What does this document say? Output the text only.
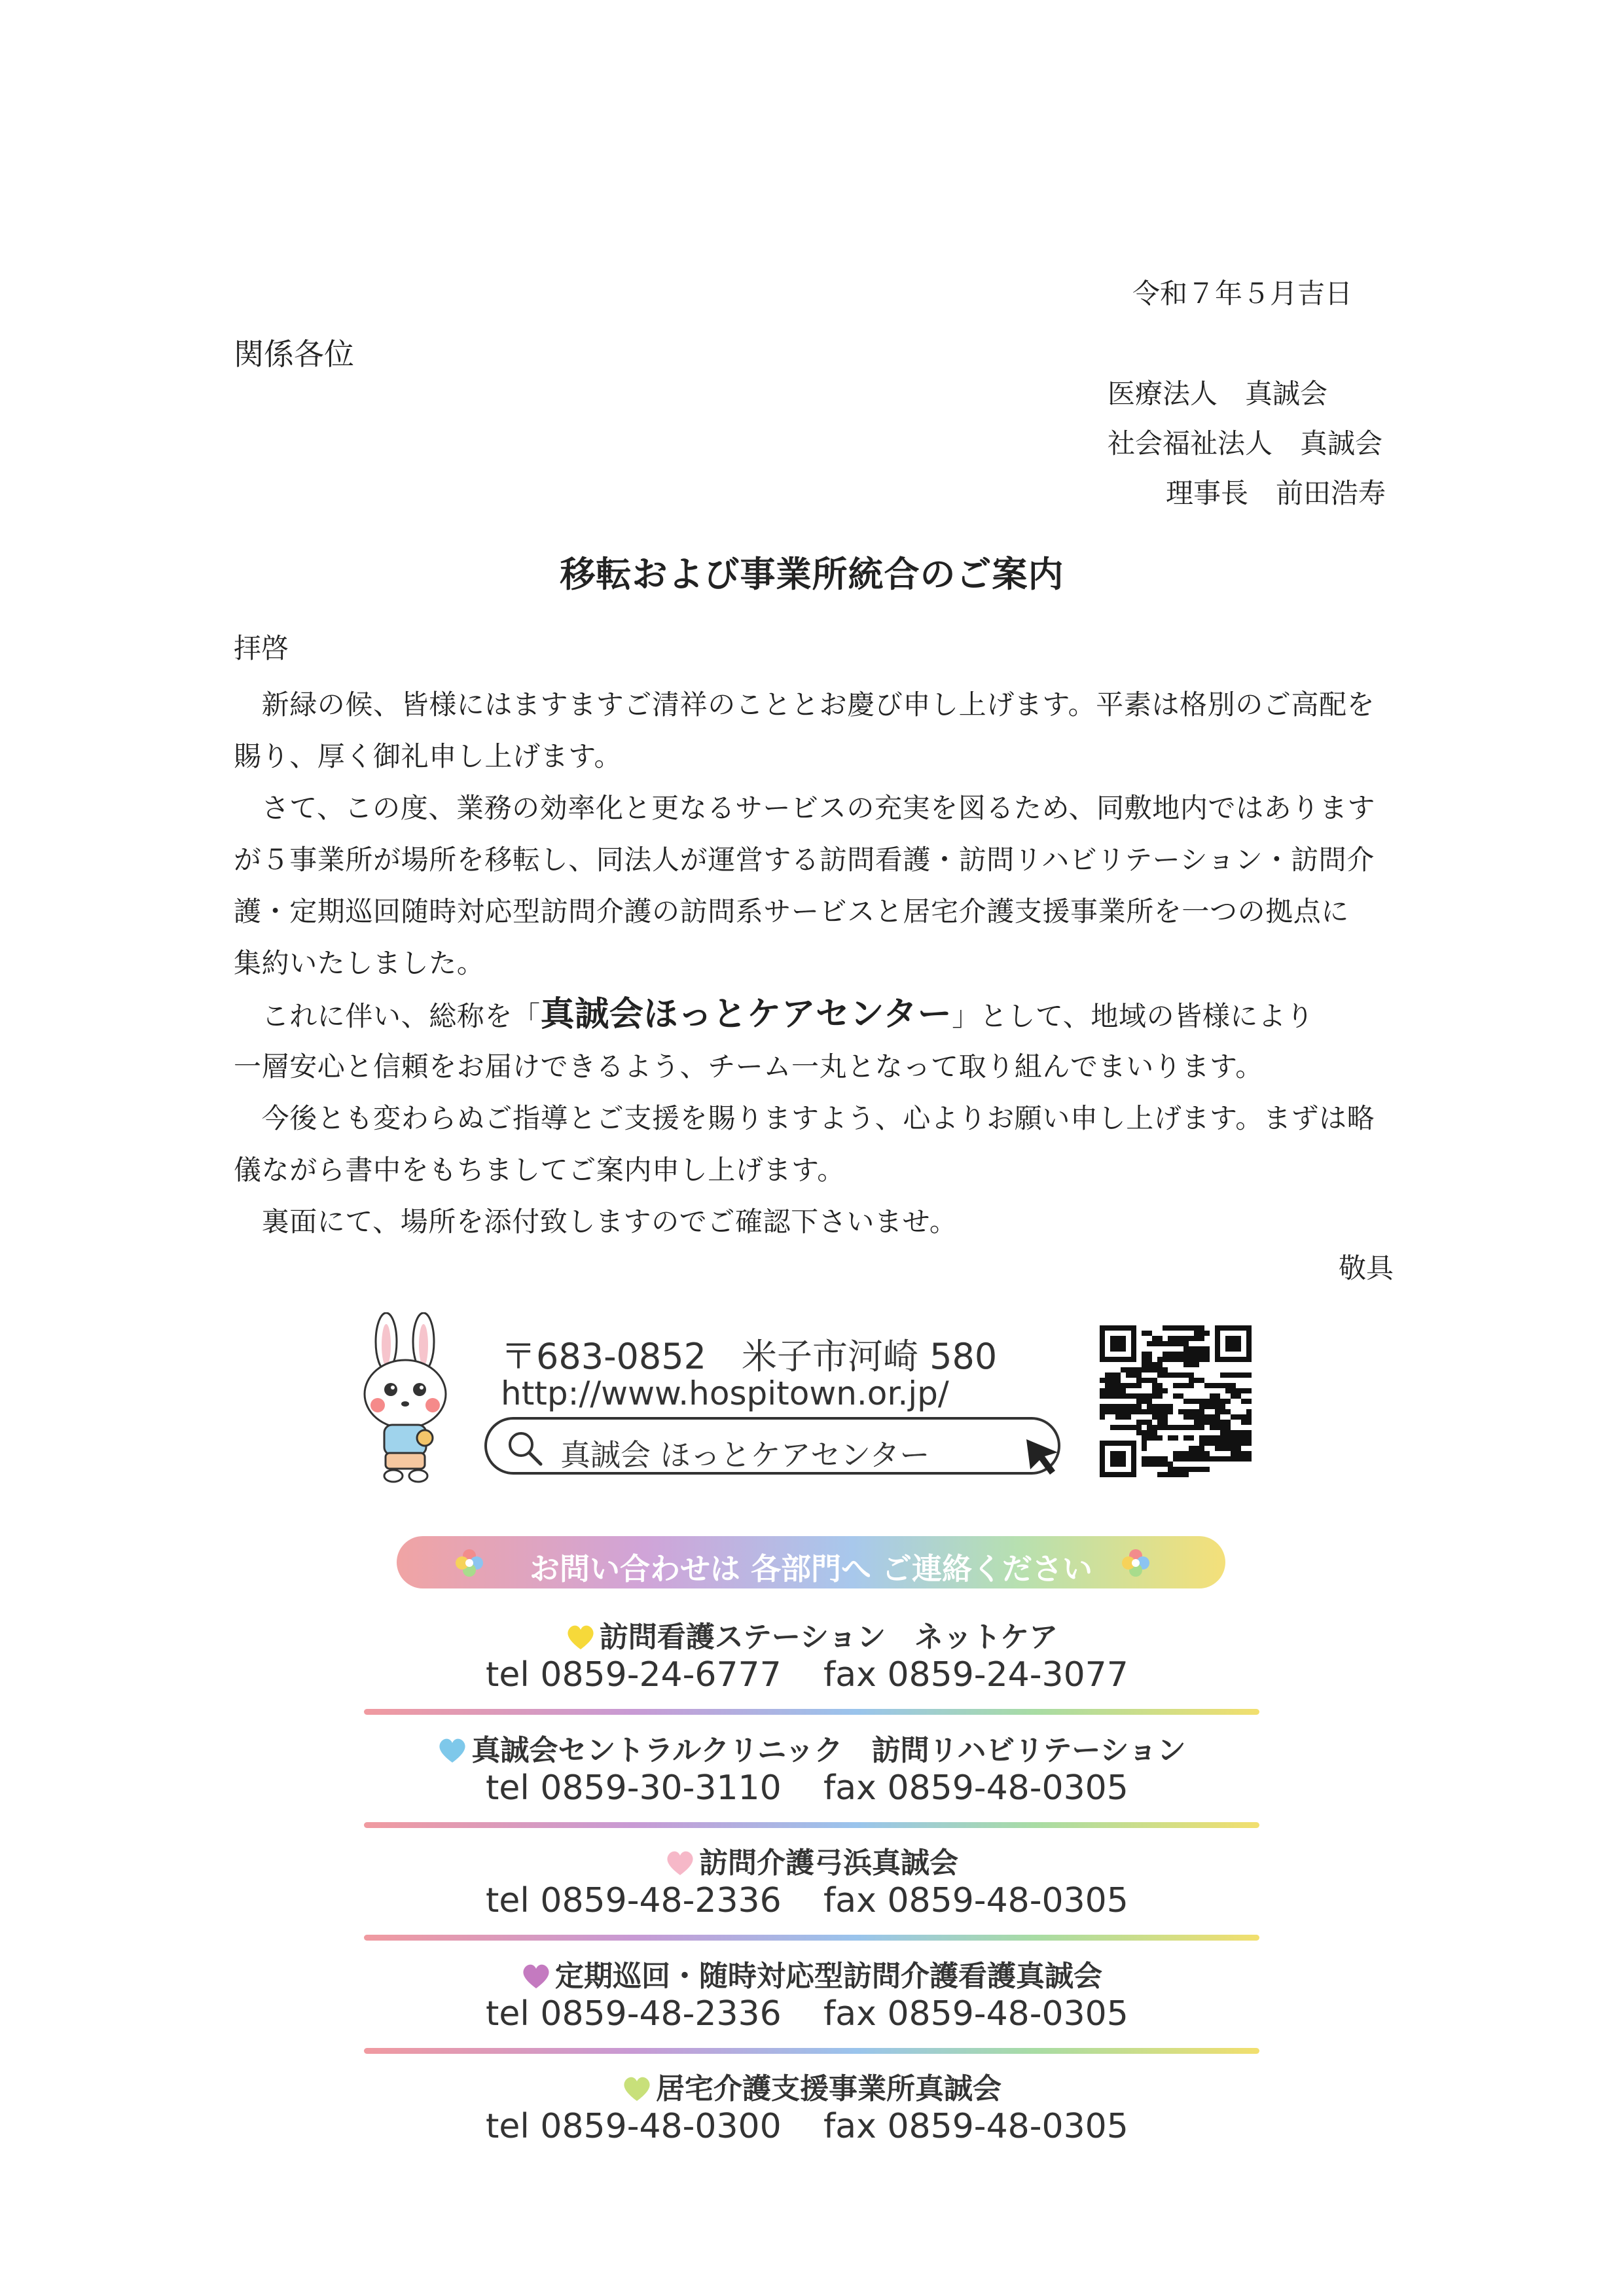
令和７年５月吉日
関係各位
医療法人　真誠会
社会福祉法人　真誠会
理事長　前田浩寿
移転および事業所統合のご案内
拝啓
　新緑の候、皆様にはますますご清祥のこととお慶び申し上げます。平素は格別のご高配を
賜り、厚く御礼申し上げます。
　さて、この度、業務の効率化と更なるサービスの充実を図るため、同敷地内ではあります
が５事業所が場所を移転し、同法人が運営する訪問看護・訪問リハビリテーション・訪問介
護・定期巡回随時対応型訪問介護の訪問系サービスと居宅介護支援事業所を一つの拠点に
集約いたしました。
　これに伴い、総称を「真誠会ほっとケアセンター」として、地域の皆様により
一層安心と信頼をお届けできるよう、チーム一丸となって取り組んでまいります。
　今後とも変わらぬご指導とご支援を賜りますよう、心よりお願い申し上げます。まずは略
儀ながら書中をもちましてご案内申し上げます。
　裏面にて、場所を添付致しますのでご確認下さいませ。
敬具
〒683-0852　米子市河崎 580
http://www.hospitown.or.jp/
真誠会 ほっとケアセンター
お問い合わせは 各部門へ ご連絡ください
訪問看護ステーション　ネットケア
tel 0859-24-6777 fax 0859-24-3077
真誠会セントラルクリニック　訪問リハビリテーション
tel 0859-30-3110 fax 0859-48-0305
訪問介護弓浜真誠会
tel 0859-48-2336 fax 0859-48-0305
定期巡回・随時対応型訪問介護看護真誠会
tel 0859-48-2336 fax 0859-48-0305
居宅介護支援事業所真誠会
tel 0859-48-0300 fax 0859-48-0305
